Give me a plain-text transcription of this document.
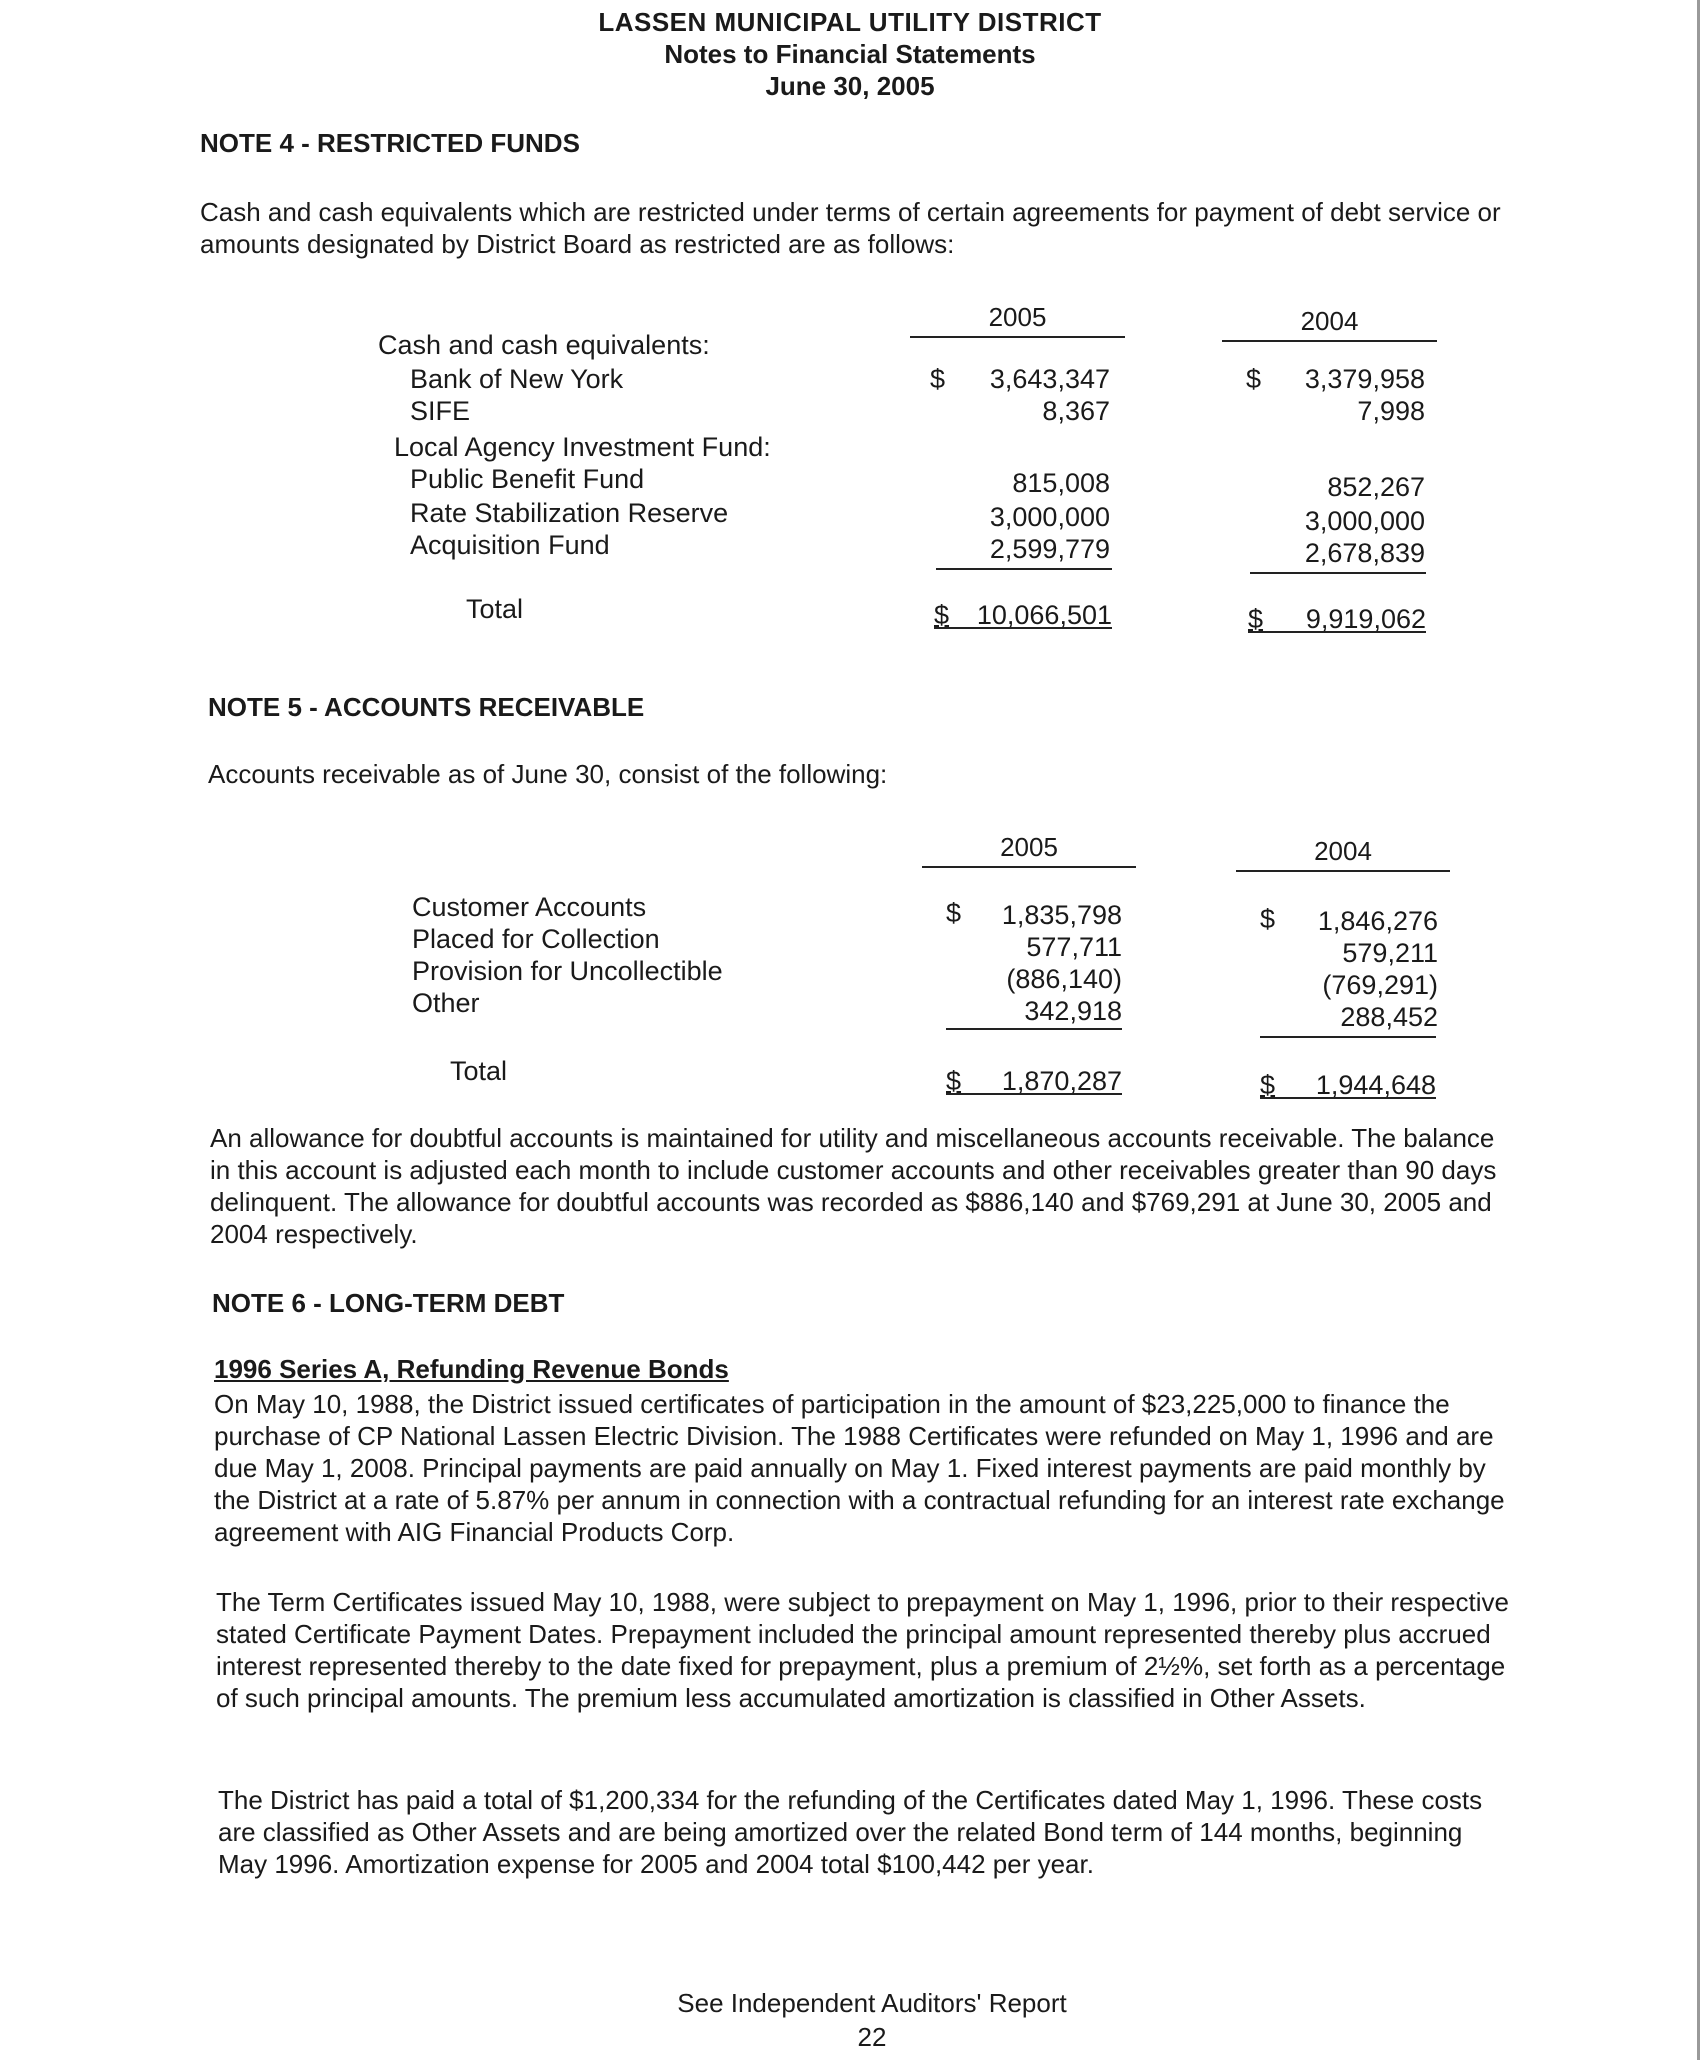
LASSEN MUNICIPAL UTILITY DISTRICT
Notes to Financial Statements
June 30, 2005
NOTE 4 - RESTRICTED FUNDS
Cash and cash equivalents which are restricted under terms of certain agreements for payment of debt service or amounts designated by District Board as restricted are as follows:
2005	2004
Cash and cash equivalents:
Bank of New York	$	3,643,347	$	3,379,958
SIFE	8,367	7,998
Local Agency Investment Fund:
Public Benefit Fund	815,008	852,267
Rate Stabilization Reserve	3,000,000	3,000,000
Acquisition Fund	2,599,779	2,678,839
Total	$ 10,066,501	$ 9,919,062
NOTE 5 - ACCOUNTS RECEIVABLE
Accounts receivable as of June 30, consist of the following:
2005	2004
Customer Accounts	$	1,835,798	$	1,846,276
Placed for Collection	577,711	579,211
Provision for Uncollectible	(886,140)	(769,291)
Other	342,918	288,452
Total	$ 1,870,287	$ 1,944,648
An allowance for doubtful accounts is maintained for utility and miscellaneous accounts receivable. The balance in this account is adjusted each month to include customer accounts and other receivables greater than 90 days delinquent. The allowance for doubtful accounts was recorded as $886,140 and $769,291 at June 30, 2005 and 2004 respectively.
NOTE 6 - LONG-TERM DEBT
1996 Series A, Refunding Revenue Bonds
On May 10, 1988, the District issued certificates of participation in the amount of $23,225,000 to finance the purchase of CP National Lassen Electric Division. The 1988 Certificates were refunded on May 1, 1996 and are due May 1, 2008. Principal payments are paid annually on May 1. Fixed interest payments are paid monthly by the District at a rate of 5.87% per annum in connection with a contractual refunding for an interest rate exchange agreement with AIG Financial Products Corp.
The Term Certificates issued May 10, 1988, were subject to prepayment on May 1, 1996, prior to their respective stated Certificate Payment Dates. Prepayment included the principal amount represented thereby plus accrued interest represented thereby to the date fixed for prepayment, plus a premium of 2½%, set forth as a percentage of such principal amounts. The premium less accumulated amortization is classified in Other Assets.
The District has paid a total of $1,200,334 for the refunding of the Certificates dated May 1, 1996. These costs are classified as Other Assets and are being amortized over the related Bond term of 144 months, beginning May 1996. Amortization expense for 2005 and 2004 total $100,442 per year.
See Independent Auditors' Report
22
